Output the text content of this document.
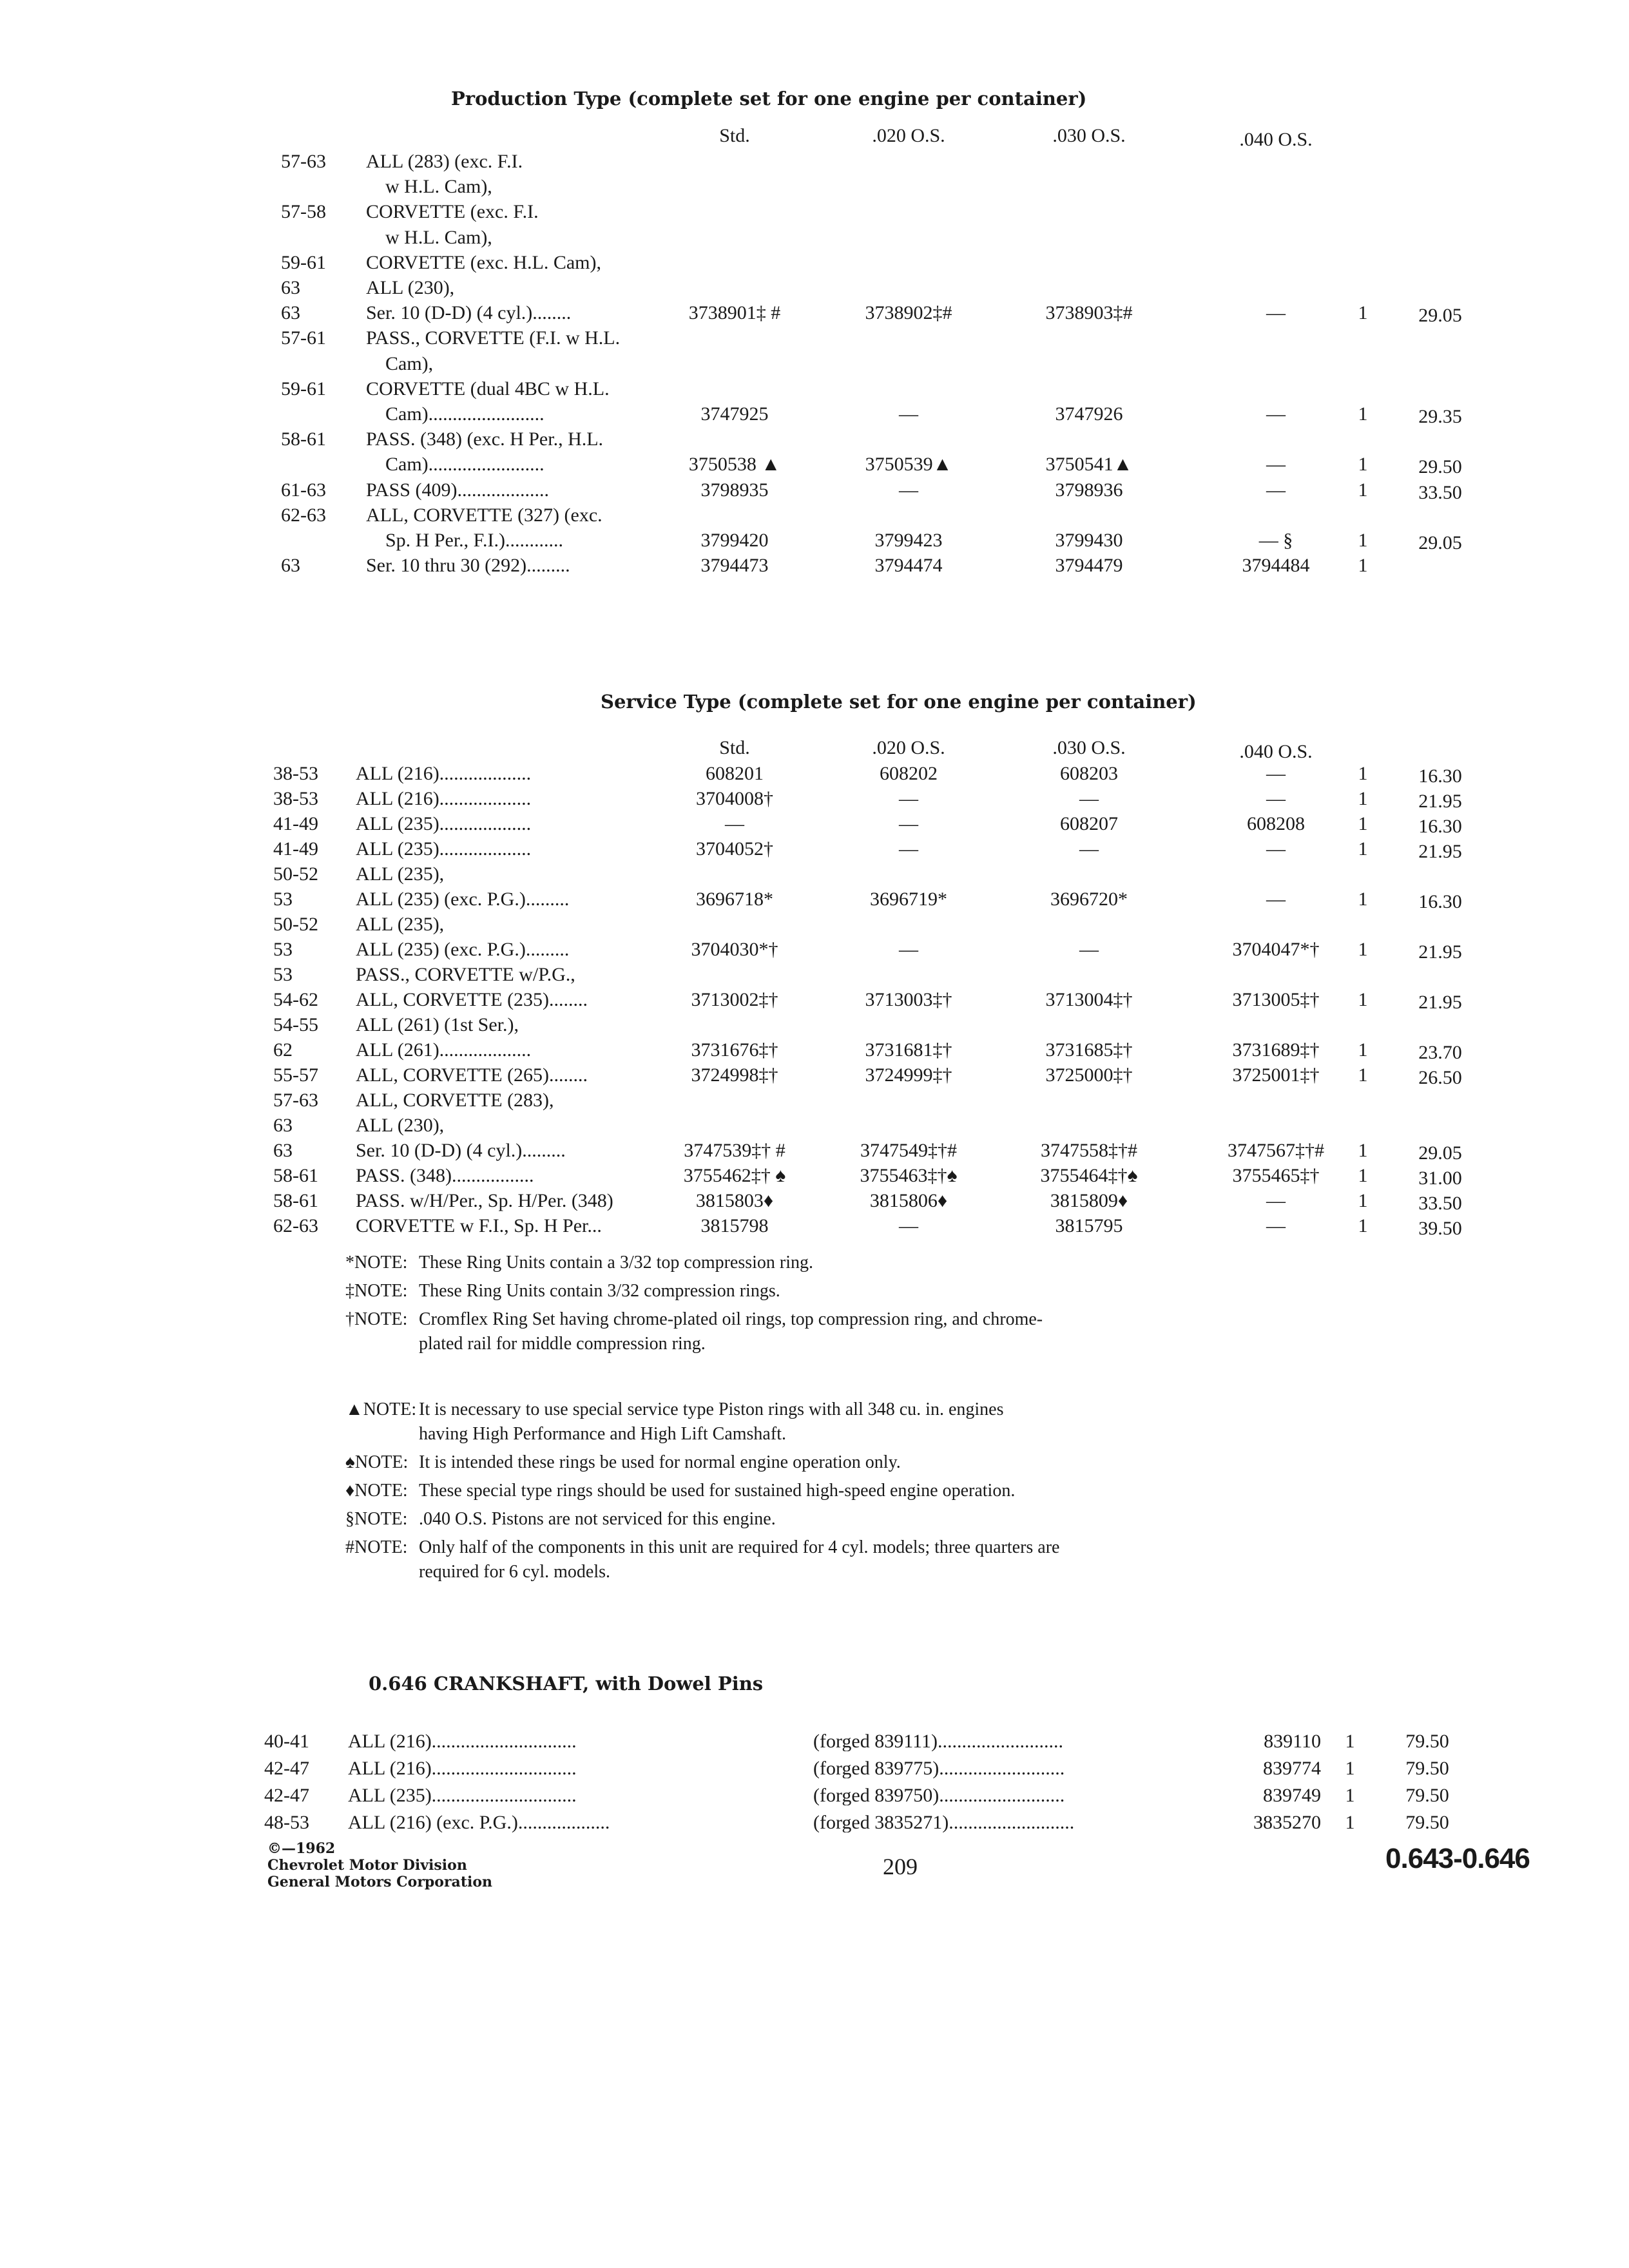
Production Type (complete set for one engine per container)
Std.	.020 O.S.	.030 O.S.	.040 O.S.
57-63	ALL (283) (exc. F.I.
w H.L. Cam),
57-58	CORVETTE (exc. F.I.
w H.L. Cam),
59-61	CORVETTE (exc. H.L. Cam),
63	ALL (230),
63	Ser. 10 (D-D) (4 cyl.)........	3738901‡ #	3738902‡#	3738903‡#	—	1	29.05
57-61	PASS., CORVETTE (F.I. w H.L.
Cam),
59-61	CORVETTE (dual 4BC w H.L.
Cam)........................	3747925	—	3747926	—	1	29.35
58-61	PASS. (348) (exc. H Per., H.L.
Cam)........................	3750538 ▲	3750539▲	3750541▲	—	1	29.50
61-63	PASS (409)...................	3798935	—	3798936	—	1	33.50
62-63	ALL, CORVETTE (327) (exc.
Sp. H Per., F.I.)............	3799420	3799423	3799430	— §	1	29.05
63	Ser. 10 thru 30 (292).........	3794473	3794474	3794479	3794484	1
Service Type (complete set for one engine per container)
Std.	.020 O.S.	.030 O.S.	.040 O.S.
38-53	ALL (216)...................	608201	608202	608203	—	1	16.30
38-53	ALL (216)...................	3704008†	—	—	—	1	21.95
41-49	ALL (235)...................	—	—	608207	608208	1	16.30
41-49	ALL (235)...................	3704052†	—	—	—	1	21.95
50-52	ALL (235),
53	ALL (235) (exc. P.G.).........	3696718*	3696719*	3696720*	—	1	16.30
50-52	ALL (235),
53	ALL (235) (exc. P.G.).........	3704030*†	—	—	3704047*†	1	21.95
53	PASS., CORVETTE w/P.G.,
54-62	ALL, CORVETTE (235)........	3713002‡†	3713003‡†	3713004‡†	3713005‡†	1	21.95
54-55	ALL (261) (1st Ser.),
62	ALL (261)...................	3731676‡†	3731681‡†	3731685‡†	3731689‡†	1	23.70
55-57	ALL, CORVETTE (265)........	3724998‡†	3724999‡†	3725000‡†	3725001‡†	1	26.50
57-63	ALL, CORVETTE (283),
63	ALL (230),
63	Ser. 10 (D-D) (4 cyl.).........	3747539‡† #	3747549‡†#	3747558‡†#	3747567‡†#	1	29.05
58-61	PASS. (348).................	3755462‡† ♠	3755463‡†♠	3755464‡†♠	3755465‡†	1	31.00
58-61	PASS. w/H/Per., Sp. H/Per. (348)	3815803♦	3815806♦	3815809♦	—	1	33.50
62-63	CORVETTE w F.I., Sp. H Per...	3815798	—	3815795	—	1	39.50
*NOTE: These Ring Units contain a 3/32 top compression ring.
‡NOTE: These Ring Units contain 3/32 compression rings.
†NOTE: Cromflex Ring Set having chrome-plated oil rings, top compression ring, and chrome-
plated rail for middle compression ring.
▲NOTE: It is necessary to use special service type Piston rings with all 348 cu. in. engines
having High Performance and High Lift Camshaft.
♠NOTE: It is intended these rings be used for normal engine operation only.
♦NOTE: These special type rings should be used for sustained high-speed engine operation.
§NOTE: .040 O.S. Pistons are not serviced for this engine.
#NOTE: Only half of the components in this unit are required for 4 cyl. models; three quarters are
required for 6 cyl. models.
0.646 CRANKSHAFT, with Dowel Pins
40-41	ALL (216)..............................	(forged 839111)..........................	839110 1	79.50
42-47	ALL (216)..............................	(forged 839775)..........................	839774 1	79.50
42-47	ALL (235)..............................	(forged 839750)..........................	839749 1	79.50
48-53	ALL (216) (exc. P.G.)...................	(forged 3835271)..........................	3835270 1	79.50
©—1962
Chevrolet Motor Division
General Motors Corporation
209	0.643-0.646
